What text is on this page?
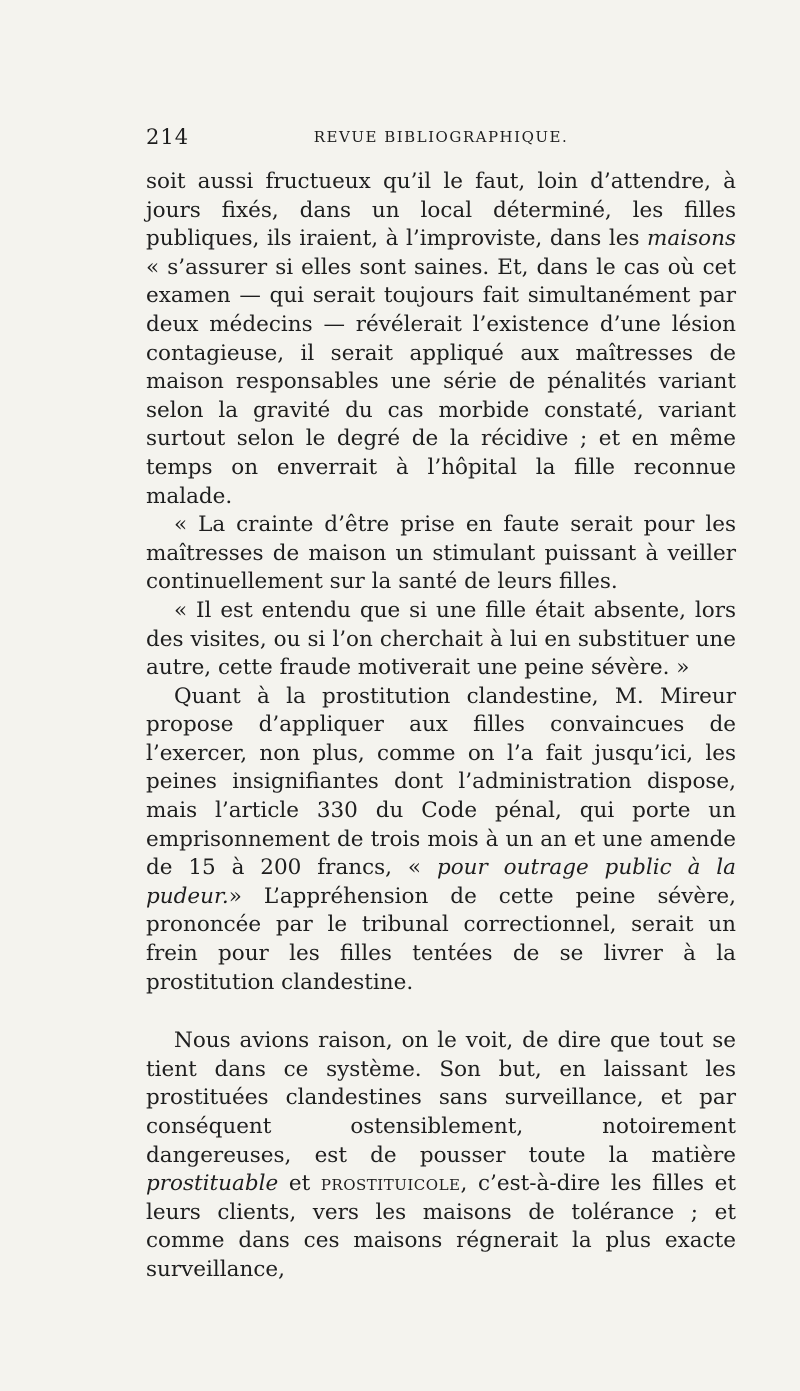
214	REVUE BIBLIOGRAPHIQUE.

soit aussi fructueux qu’il le faut, loin d’attendre, à jours fixés, dans un local déterminé, les filles publiques, ils iraient, à l’improviste, dans les maisons « s’assurer si elles sont saines. Et, dans le cas où cet examen — qui serait toujours fait simultanément par deux médecins — révélerait l’existence d’une lésion contagieuse, il serait appliqué aux maîtresses de maison responsables une série de pénalités variant selon la gravité du cas morbide constaté, variant surtout selon le degré de la récidive ; et en même temps on enverrait à l’hôpital la fille reconnue malade.

« La crainte d’être prise en faute serait pour les maîtresses de maison un stimulant puissant à veiller continuellement sur la santé de leurs filles.

« Il est entendu que si une fille était absente, lors des visites, ou si l’on cherchait à lui en substituer une autre, cette fraude motiverait une peine sévère. »

Quant à la prostitution clandestine, M. Mireur propose d’appliquer aux filles convaincues de l’exercer, non plus, comme on l’a fait jusqu’ici, les peines insignifiantes dont l’administration dispose, mais l’article 330 du Code pénal, qui porte un emprisonnement de trois mois à un an et une amende de 15 à 200 francs, « pour outrage public à la pudeur.» L’appréhension de cette peine sévère, prononcée par le tribunal correctionnel, serait un frein pour les filles tentées de se livrer à la prostitution clandestine.

Nous avions raison, on le voit, de dire que tout se tient dans ce système. Son but, en laissant les prostituées clandestines sans surveillance, et par conséquent ostensiblement, notoirement dangereuses, est de pousser toute la matière prostituable et prostituicole, c’est-à-dire les filles et leurs clients, vers les maisons de tolérance ; et comme dans ces maisons régnerait la plus exacte surveillance,
